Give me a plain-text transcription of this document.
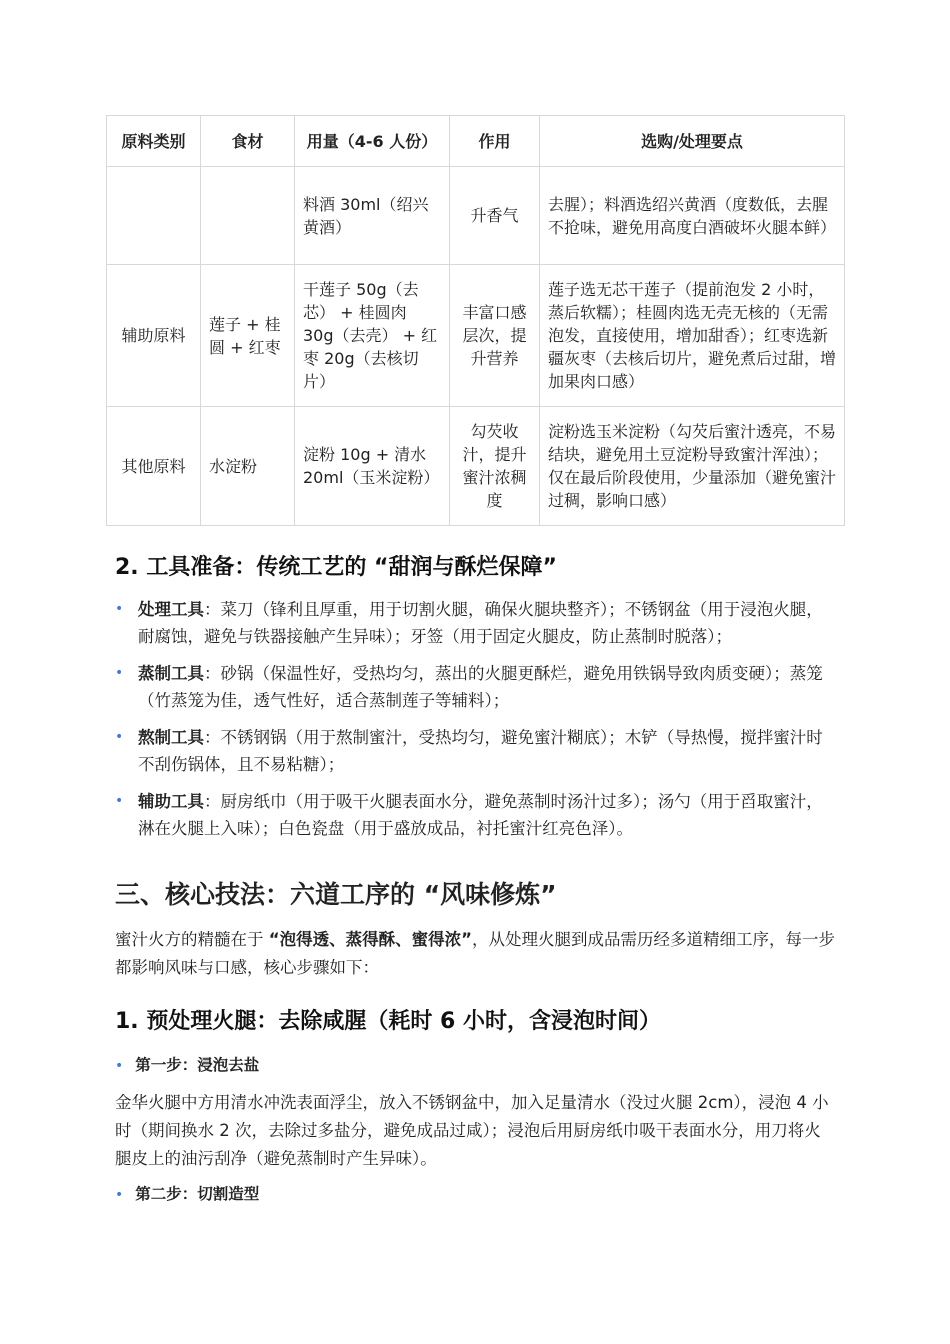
原料类别	食材	用量（4-6 人份）	作用	选购/处理要点
		料酒 30ml（绍兴黄酒）	升香气	去腥）；料酒选绍兴黄酒（度数低，去腥不抢味，避免用高度白酒破坏火腿本鲜）
辅助原料	莲子 + 桂圆 + 红枣	干莲子 50g（去芯） + 桂圆肉 30g（去壳） + 红枣 20g（去核切片）	丰富口感层次，提升营养	莲子选无芯干莲子（提前泡发 2 小时，蒸后软糯）；桂圆肉选无壳无核的（无需泡发，直接使用，增加甜香）；红枣选新疆灰枣（去核后切片，避免煮后过甜，增加果肉口感）
其他原料	水淀粉	淀粉 10g + 清水 20ml（玉米淀粉）	勾芡收汁，提升蜜汁浓稠度	淀粉选玉米淀粉（勾芡后蜜汁透亮，不易结块，避免用土豆淀粉导致蜜汁浑浊）；仅在最后阶段使用，少量添加（避免蜜汁过稠，影响口感）
2. 工具准备：传统工艺的 “甜润与酥烂保障”
• 处理工具：菜刀（锋利且厚重，用于切割火腿，确保火腿块整齐）；不锈钢盆（用于浸泡火腿，耐腐蚀，避免与铁器接触产生异味）；牙签（用于固定火腿皮，防止蒸制时脱落）；
• 蒸制工具：砂锅（保温性好，受热均匀，蒸出的火腿更酥烂，避免用铁锅导致肉质变硬）；蒸笼（竹蒸笼为佳，透气性好，适合蒸制莲子等辅料）；
• 熬制工具：不锈钢锅（用于熬制蜜汁，受热均匀，避免蜜汁糊底）；木铲（导热慢，搅拌蜜汁时不刮伤锅体，且不易粘糖）；
• 辅助工具：厨房纸巾（用于吸干火腿表面水分，避免蒸制时汤汁过多）；汤勺（用于舀取蜜汁，淋在火腿上入味）；白色瓷盘（用于盛放成品，衬托蜜汁红亮色泽）。
三、核心技法：六道工序的 “风味修炼”

蜜汁火方的精髓在于 “泡得透、蒸得酥、蜜得浓”，从处理火腿到成品需历经多道精细工序，每一步都影响风味与口感，核心步骤如下：

1. 预处理火腿：去除咸腥（耗时 6 小时，含浸泡时间）
• 第一步：浸泡去盐

金华火腿中方用清水冲洗表面浮尘，放入不锈钢盆中，加入足量清水（没过火腿 2cm），浸泡 4 小时（期间换水 2 次，去除过多盐分，避免成品过咸）；浸泡后用厨房纸巾吸干表面水分，用刀将火腿皮上的油污刮净（避免蒸制时产生异味）。

• 第二步：切割造型
